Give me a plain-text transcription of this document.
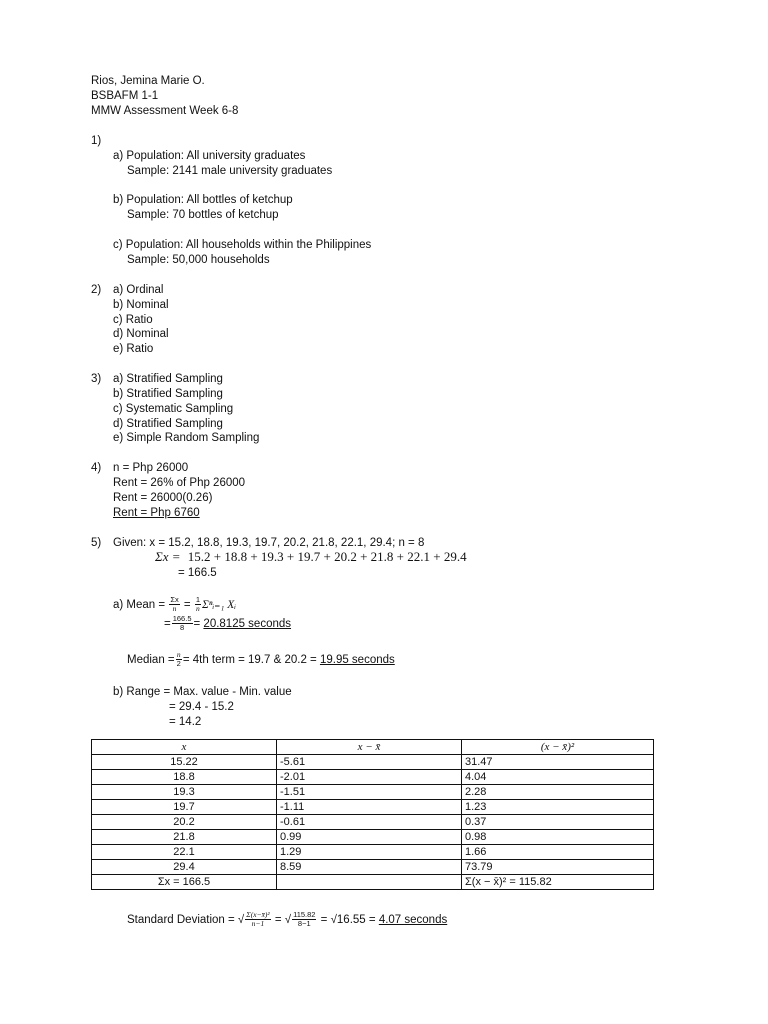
Rios, Jemina Marie O.
BSBAFM 1-1
MMW Assessment Week 6-8
1)
a) Population: All university graduates
Sample: 2141 male university graduates
b) Population: All bottles of ketchup
Sample: 70 bottles of ketchup
c) Population: All households within the Philippines
Sample: 50,000 households
2) a) Ordinal
b) Nominal
c) Ratio
d) Nominal
e) Ratio
3) a) Stratified Sampling
b) Stratified Sampling
c) Systematic Sampling
d) Stratified Sampling
e) Simple Random Sampling
4) n = Php 26000
Rent = 26% of Php 26000
Rent = 26000(0.26)
Rent = Php 6760
5) Given: x = 15.2, 18.8, 19.3, 19.7, 20.2, 21.8, 22.1, 29.4; n = 8
Σx = 15.2 + 18.8 + 19.3 + 19.7 + 20.2 + 21.8 + 22.1 + 29.4
= 166.5
a) Mean = $\frac{\Sigma x}{n} = \frac{1}{n}$ Σⁿᵢ₌₁ Xᵢ
= $\frac{166.5}{8} = 20.8125$ seconds
Median = $\frac{n}{2} = 4th$ term = 19.7 & 20.2 = 19.95 seconds
b) Range = Max. value - Min. value
= 29.4 - 15.2
= 14.2
x	x − x̄	(x − x̄)²
15.22	-5.61	31.47
18.8	-2.01	4.04
19.3	-1.51	2.28
19.7	-1.11	1.23
20.2	-0.61	0.37
21.8	0.99	0.98
22.1	1.29	1.66
29.4	8.59	73.79
Σx = 166.5		Σ(x − x̄)² = 115.82
Standard Deviation = √ $\frac{\text{Σ(x−x̄)²}}{n-1}$ = √ $\frac{115.82}{8-1} = √16.55 = 4.07$ seconds
